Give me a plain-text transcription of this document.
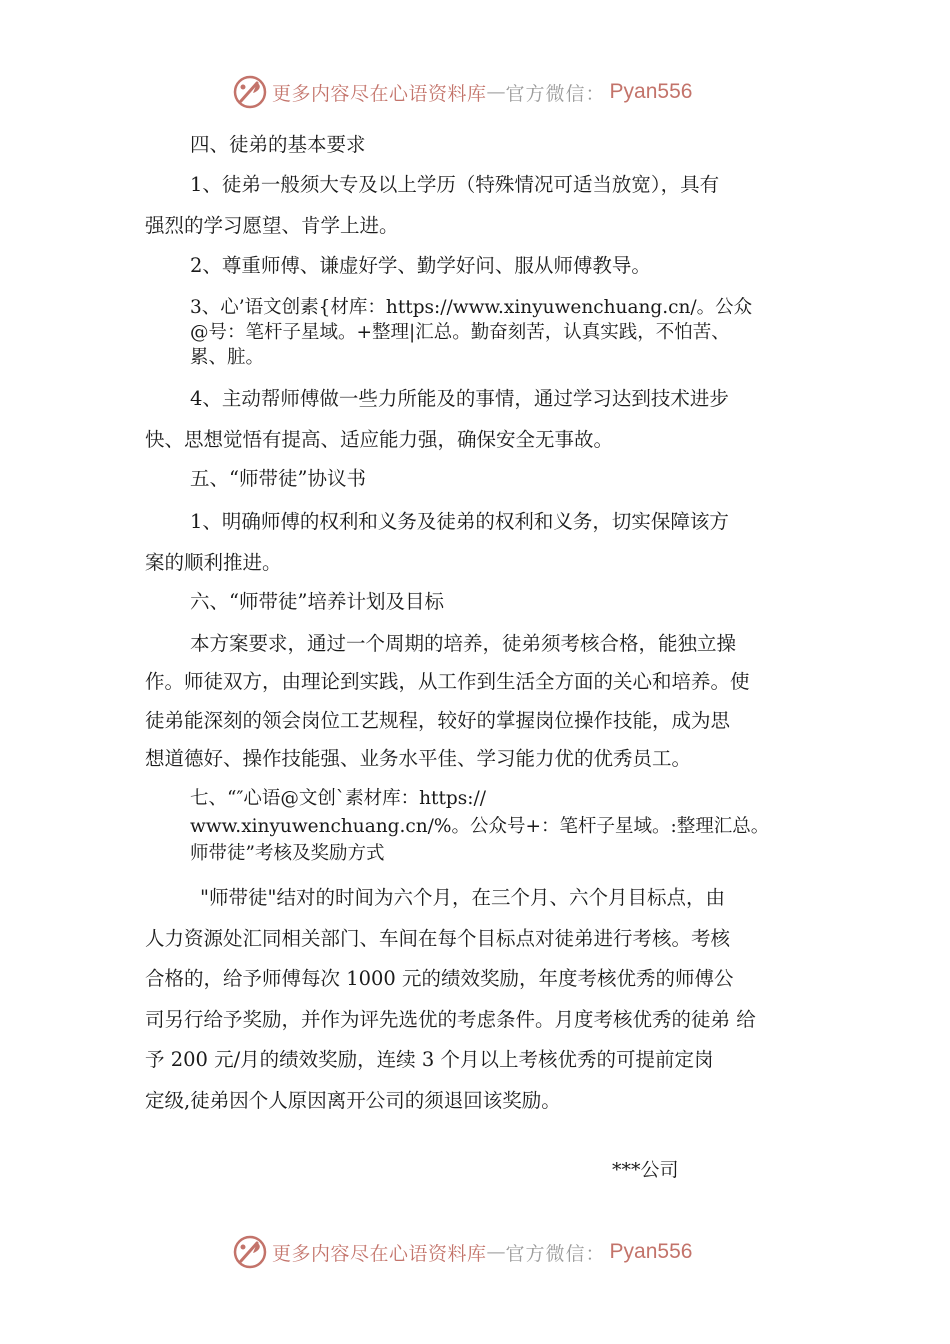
更多内容尽在心语资料库 — 官方微信： Pyan556
四、徒弟的基本要求
1、徒弟一般须大专及以上学历（特殊情况可适当放宽），具有
强烈的学习愿望、肯学上进。
2、尊重师傅、谦虚好学、勤学好问、服从师傅教导。
3、心’语文创素{材库：https://www.xinyuwenchuang.cn/。公众
@号：笔杆子星域。+整理|汇总。勤奋刻苦，认真实践，不怕苦、
累、脏。
4、主动帮师傅做一些力所能及的事情，通过学习达到技术进步
快、思想觉悟有提高、适应能力强，确保安全无事故。
五、“师带徒”协议书
1、明确师傅的权利和义务及徒弟的权利和义务，切实保障该方
案的顺利推进。
六、“师带徒”培养计划及目标
本方案要求，通过一个周期的培养，徒弟须考核合格，能独立操
作。师徒双方，由理论到实践，从工作到生活全方面的关心和培养。使
徒弟能深刻的领会岗位工艺规程，较好的掌握岗位操作技能，成为思
想道德好、操作技能强、业务水平佳、学习能力优的优秀员工。
七、“″心语@文创`素材库：https://
www.xinyuwenchuang.cn/%。公众号+：笔杆子星域。:整理汇总。
师带徒”考核及奖励方式
"师带徒"结对的时间为六个月，在三个月、六个月目标点，由
人力资源处汇同相关部门、车间在每个目标点对徒弟进行考核。考核
合格的，给予师傅每次 1000 元的绩效奖励，年度考核优秀的师傅公
司另行给予奖励，并作为评先选优的考虑条件。月度考核优秀的徒弟 给
予 200 元/月的绩效奖励，连续 3 个月以上考核优秀的可提前定岗
定级,徒弟因个人原因离开公司的须退回该奖励。
***公司
更多内容尽在心语资料库 — 官方微信： Pyan556
